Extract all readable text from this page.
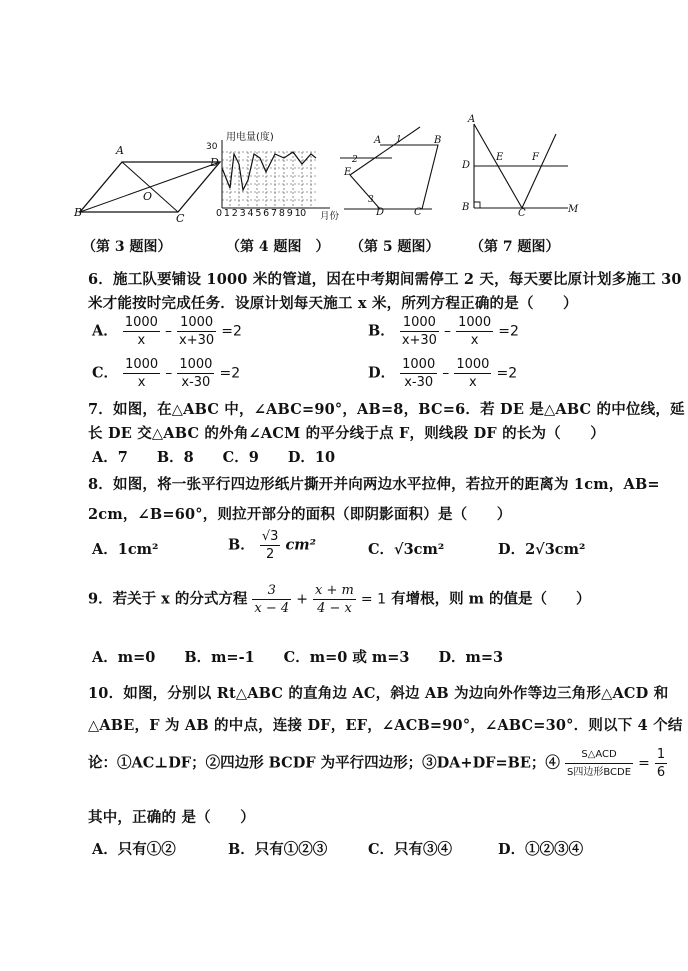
A
D
B	C
O
用电量(度)
30
0 1 2 3 4 5 6 7 8 9 10 月份
A 1	B
2
E
3
D	C
A
D
E	F
B
C	M
（第 3 题图）	（第 4 题图　） （第 5 题图） （第 7 题图）
6．施工队要铺设 1000 米的管道，因在中考期间需停工 2 天，每天要比原计划多施工 30
米才能按时完成任务．设原计划每天施工 x 米，所列方程正确的是（　　）
A． $\frac{1000}{x} - \frac{1000}{x+30} =2$	B． $\frac{1000}{x+30} - \frac{1000}{x} =2$
C． $\frac{1000}{x} - \frac{1000}{x-30} =2$	D． $\frac{1000}{x-30} - \frac{1000}{x} =2$
7．如图，在△ABC 中，∠ABC=90°，AB=8，BC=6．若 DE 是△ABC 的中位线，延
长 DE 交△ABC 的外角∠ACM 的平分线于点 F，则线段 DF 的长为（　　）
A．7　　B．8　　C．9　　D．10
8．如图，将一张平行四边形纸片撕开并向两边水平拉伸，若拉开的距离为 1cm，AB=
2cm，∠B=60°，则拉开部分的面积（即阴影面积）是（　　）
A．1cm²	B． $\frac{√3}{2} cm^2$	C．√3cm²	D．2√3cm²
9．若关于 x 的分式方程 $\frac{3}{x - 4} + \frac{x + m}{4 - x} = 1$ 有增根，则 m 的值是（　　）
A．m=0　　B．m=-1　　C．m=0 或 m=3　　D．m=3
10．如图，分别以 Rt△ABC 的直角边 AC，斜边 AB 为边向外作等边三角形△ACD 和
△ABE，F 为 AB 的中点，连接 DF，EF，∠ACB=90°，∠ABC=30°．则以下 4 个结
论：①AC⊥DF；②四边形 BCDF 为平行四边形；③DA+DF=BE；④ $\frac{\text{S△ACD}}{\text{S四边形BCDE}} = \frac{1}{6}$
其中，正确的 是（　　）
A．只有①②	B．只有①②③	C．只有③④	D．①②③④
